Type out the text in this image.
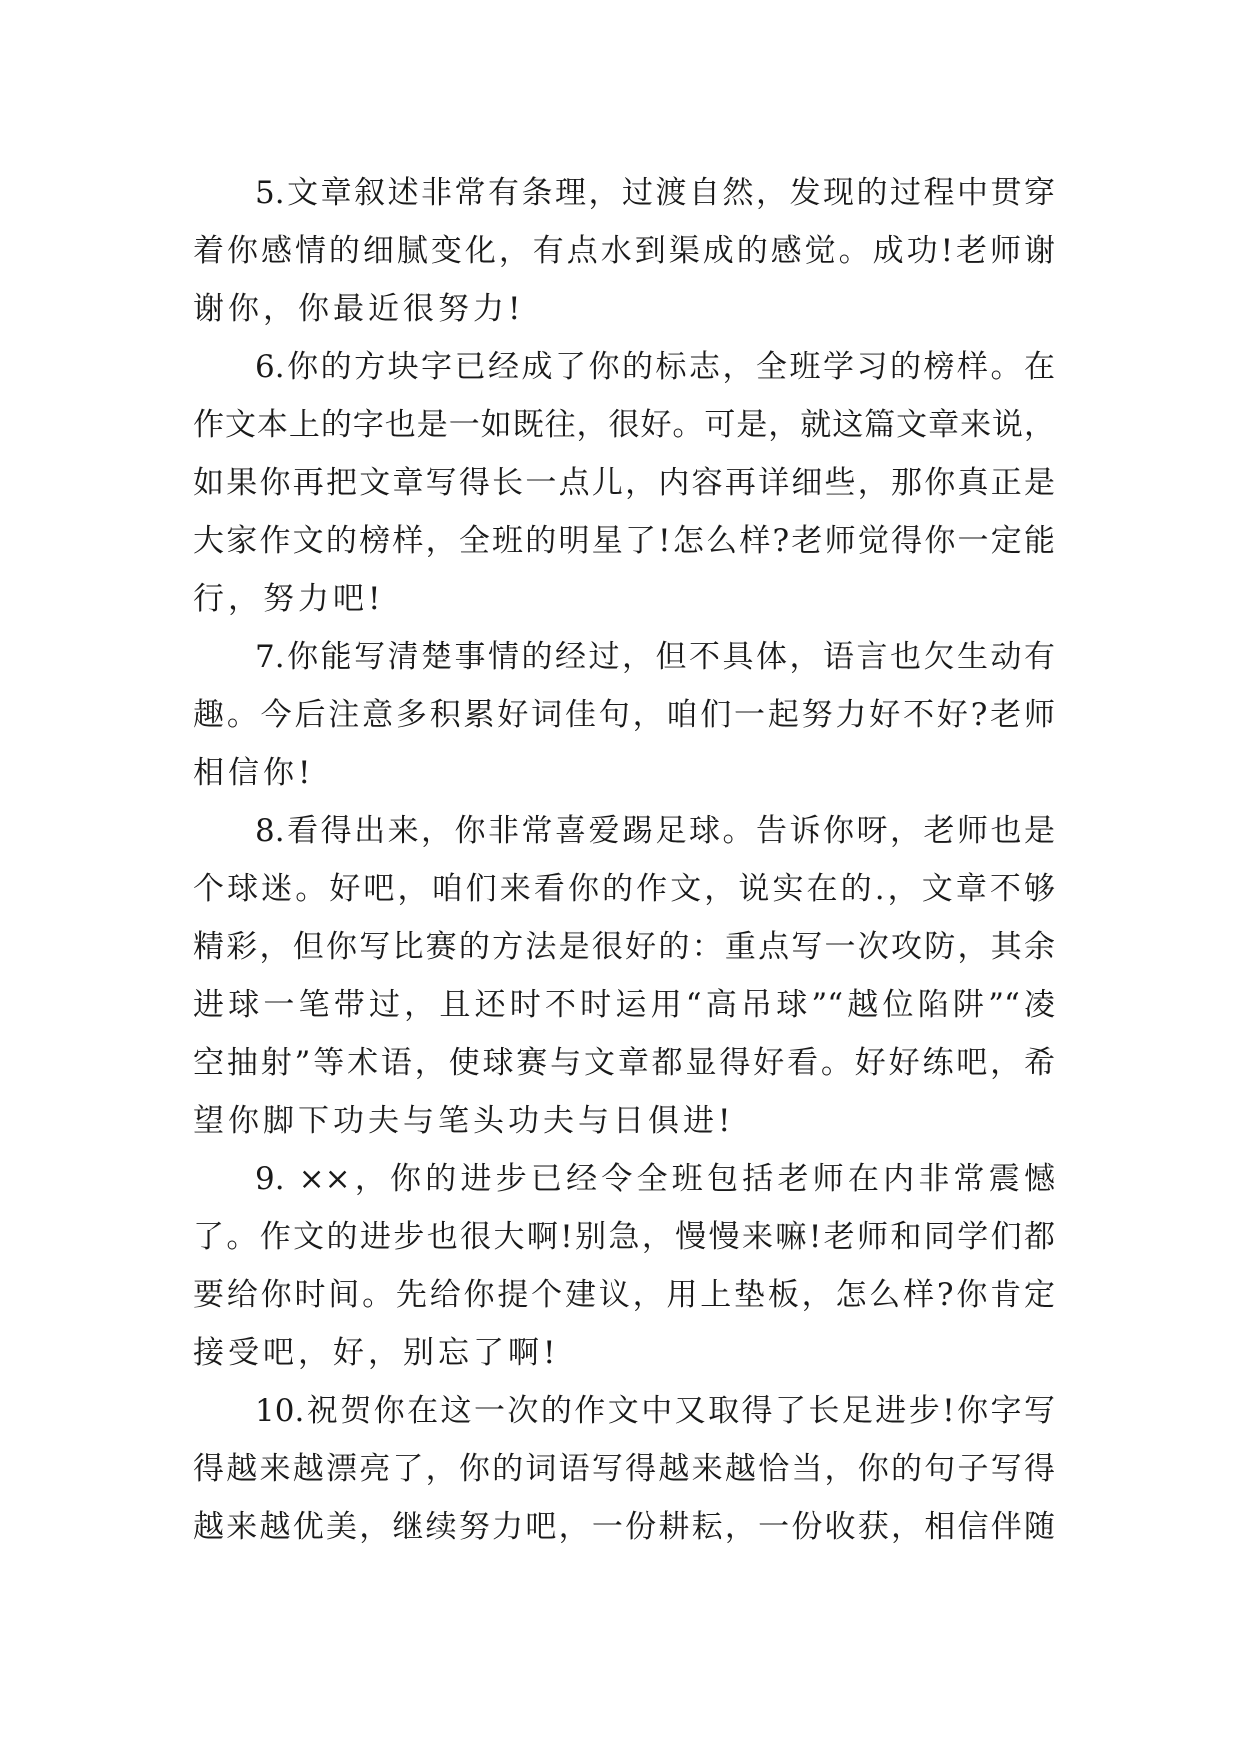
5.文章叙述非常有条理，过渡自然，发现的过程中贯穿
着你感情的细腻变化，有点水到渠成的感觉。成功!老师谢
谢你，你最近很努力!
6.你的方块字已经成了你的标志，全班学习的榜样。在
作文本上的字也是一如既往，很好。可是，就这篇文章来说，
如果你再把文章写得长一点儿，内容再详细些，那你真正是
大家作文的榜样，全班的明星了!怎么样?老师觉得你一定能
行，努力吧!
7.你能写清楚事情的经过，但不具体，语言也欠生动有
趣。今后注意多积累好词佳句，咱们一起努力好不好?老师
相信你!
8.看得出来，你非常喜爱踢足球。告诉你呀，老师也是
个球迷。好吧，咱们来看你的作文，说实在的.，文章不够
精彩，但你写比赛的方法是很好的：重点写一次攻防，其余
进球一笔带过，且还时不时运用“高吊球”“越位陷阱”“凌
空抽射”等术语，使球赛与文章都显得好看。好好练吧，希
望你脚下功夫与笔头功夫与日俱进!
9. ××，你的进步已经令全班包括老师在内非常震憾
了。作文的进步也很大啊!别急，慢慢来嘛!老师和同学们都
要给你时间。先给你提个建议，用上垫板，怎么样?你肯定
接受吧，好，别忘了啊!
10.祝贺你在这一次的作文中又取得了长足进步!你字写
得越来越漂亮了，你的词语写得越来越恰当，你的句子写得
越来越优美，继续努力吧，一份耕耘，一份收获，相信伴随
